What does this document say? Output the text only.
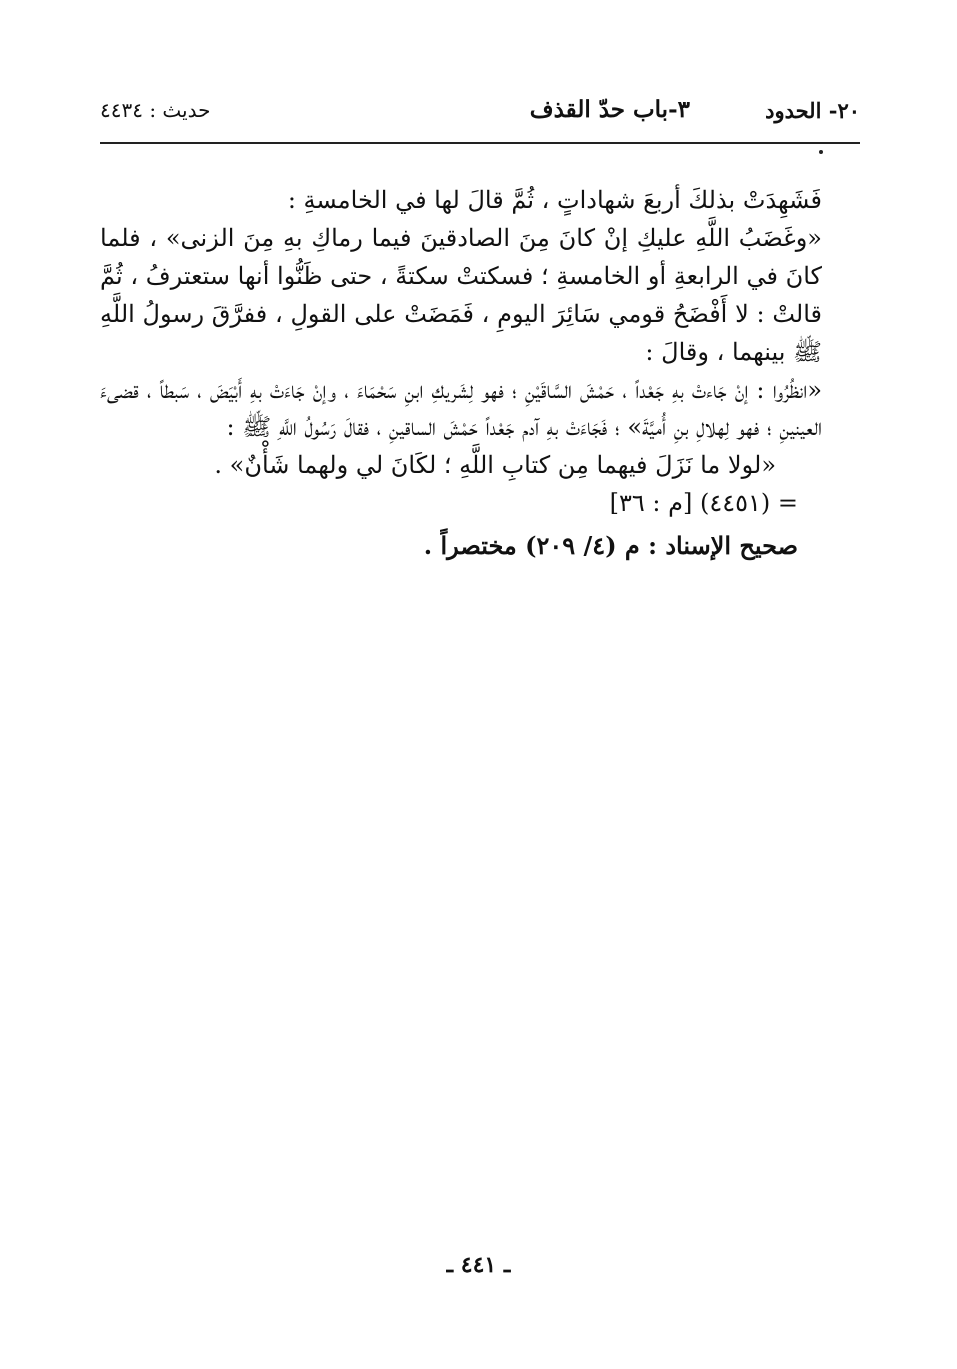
٢٠- الحدود
٣-باب حدّ القذف
حديث : ٤٤٣٤

فَشَهِدَتْ بذلكَ أربعَ شهاداتٍ ، ثُمَّ قالَ لها في الخامسةِ :

«وغَضَبُ اللَّهِ عليكِ إنْ كانَ مِنَ الصادقينَ فيما رماكِ بهِ مِنَ الزنى» ، فلما كانَ في الرابعةِ أو الخامسةِ ؛ فسكتتْ سكتةً ، حتى ظَنُّوا أنها ستعترفُ ، ثُمَّ قالتْ : لا أَفْضَحُ قومي سَائِرَ اليومِ ، فَمَضَتْ على القولِ ، ففرَّقَ رسولُ اللَّهِ ﷺ بينهما ، وقالَ :

«انظُرُوا : إنْ جَاءتْ بهِ جَعْداً ، حَمْشَ السَّاقَيْنِ ؛ فهو لِشَريكِ ابنِ سَحْمَاءَ ، وإنْ جَاءَتْ بهِ أَبْيَضَ ، سَبطاً ، قضىءَ العينينِ ؛ فهو لِهلالِ بنِ أُميَّةَ» ؛ فَجَاءَتْ بهِ آدم جَعْداً حَمْشَ الساقينِ ، فقالَ رَسُولُ اللَّهِ ﷺ :

«لولا ما نَزَلَ فيهما مِن كتابِ اللَّهِ ؛ لكَانَ لي ولهما شَأْنٌ» .

= (٤٤٥١) [م : ٣٦]

صحيح الإسناد : م (٤/ ٢٠٩) مختصراً .

ـ ٤٤١ ـ
